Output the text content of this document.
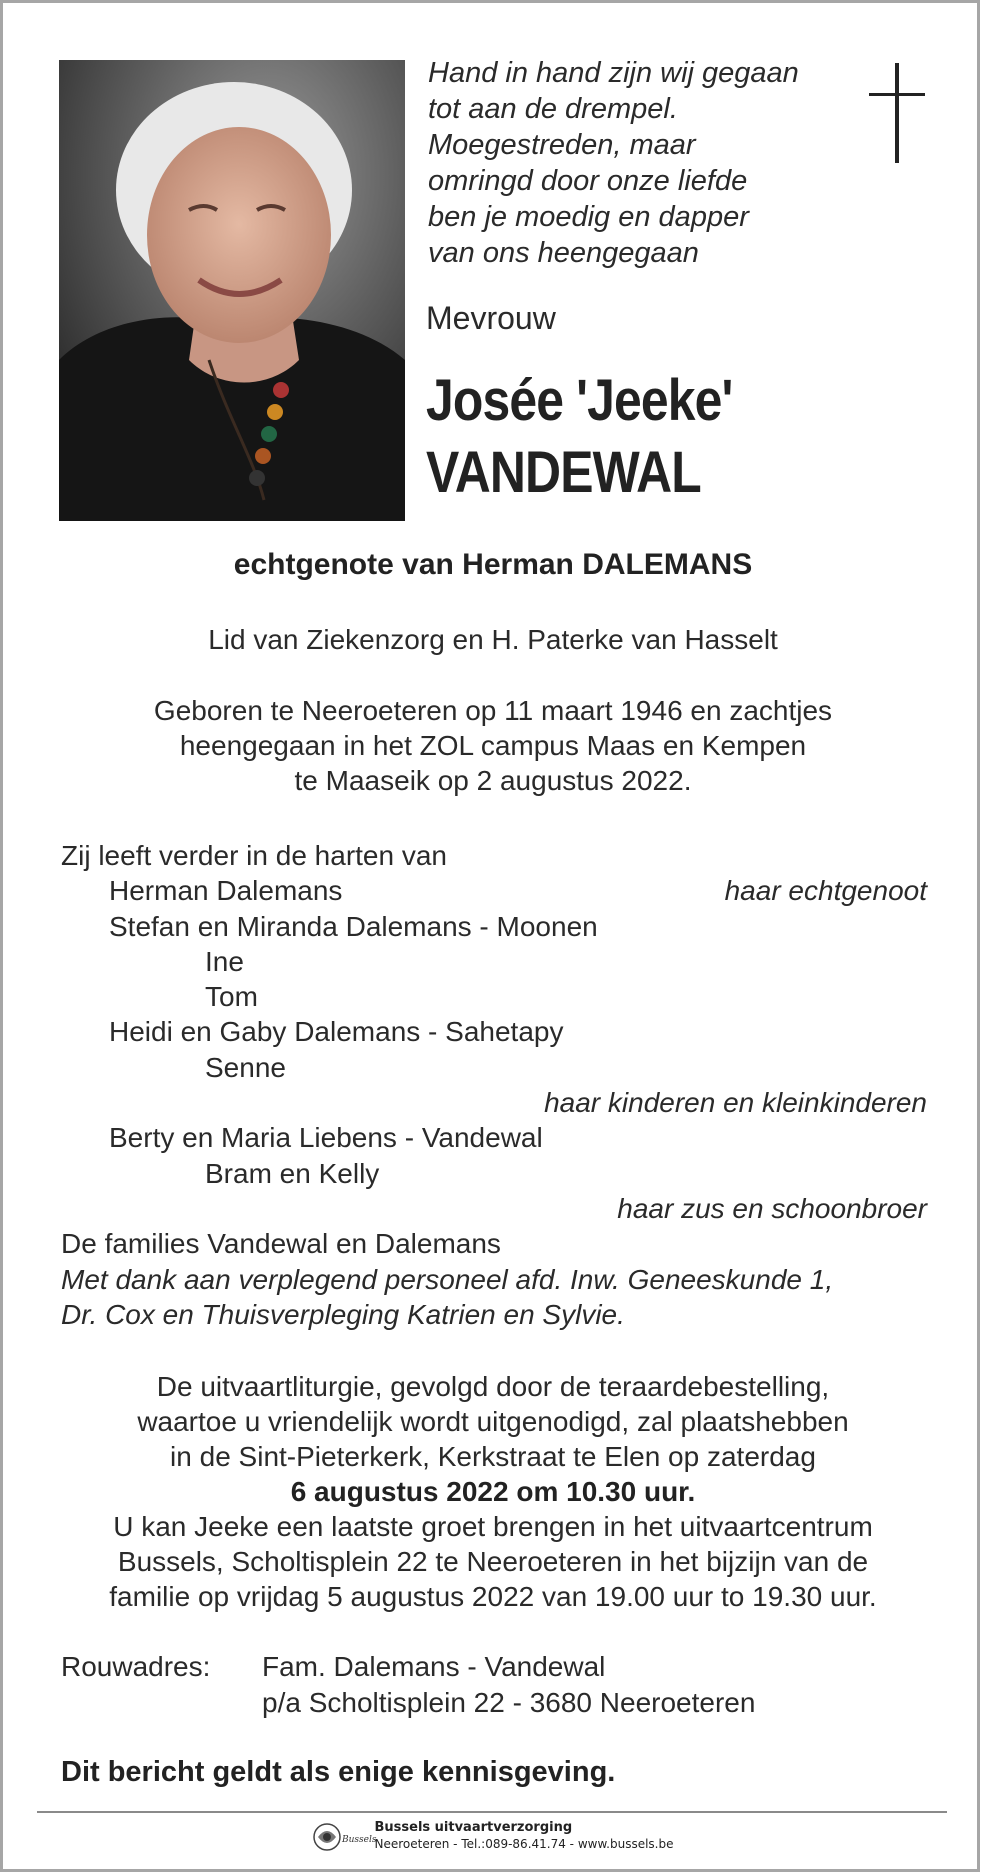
Hand in hand zijn wij gegaan
tot aan de drempel.
Moegestreden, maar
omringd door onze liefde
ben je moedig en dapper
van ons heengegaan
Mevrouw
Josée 'Jeeke'
VANDEWAL
echtgenote van Herman DALEMANS
Lid van Ziekenzorg en H. Paterke van Hasselt
Geboren te Neeroeteren op 11 maart 1946 en zachtjes
heengegaan in het ZOL campus Maas en Kempen
te Maaseik op 2 augustus 2022.
Zij leeft verder in de harten van
Herman Dalemans	haar echtgenoot
Stefan en Miranda Dalemans - Moonen
Ine
Tom
Heidi en Gaby Dalemans - Sahetapy
Senne
haar kinderen en kleinkinderen
Berty en Maria Liebens - Vandewal
Bram en Kelly
haar zus en schoonbroer
De families Vandewal en Dalemans
Met dank aan verplegend personeel afd. Inw. Geneeskunde 1,
Dr. Cox en Thuisverpleging Katrien en Sylvie.
De uitvaartliturgie, gevolgd door de teraardebestelling,
waartoe u vriendelijk wordt uitgenodigd, zal plaatshebben
in de Sint-Pieterkerk, Kerkstraat te Elen op zaterdag
6 augustus 2022 om 10.30 uur.
U kan Jeeke een laatste groet brengen in het uitvaartcentrum
Bussels, Scholtisplein 22 te Neeroeteren in het bijzijn van de
familie op vrijdag 5 augustus 2022 van 19.00 uur to 19.30 uur.
Rouwadres: Fam. Dalemans - Vandewal
p/a Scholtisplein 22 - 3680 Neeroeteren
Dit bericht geldt als enige kennisgeving.
Bussels
Bussels uitvaartverzorging
Neeroeteren - Tel.:089-86.41.74 - www.bussels.be
